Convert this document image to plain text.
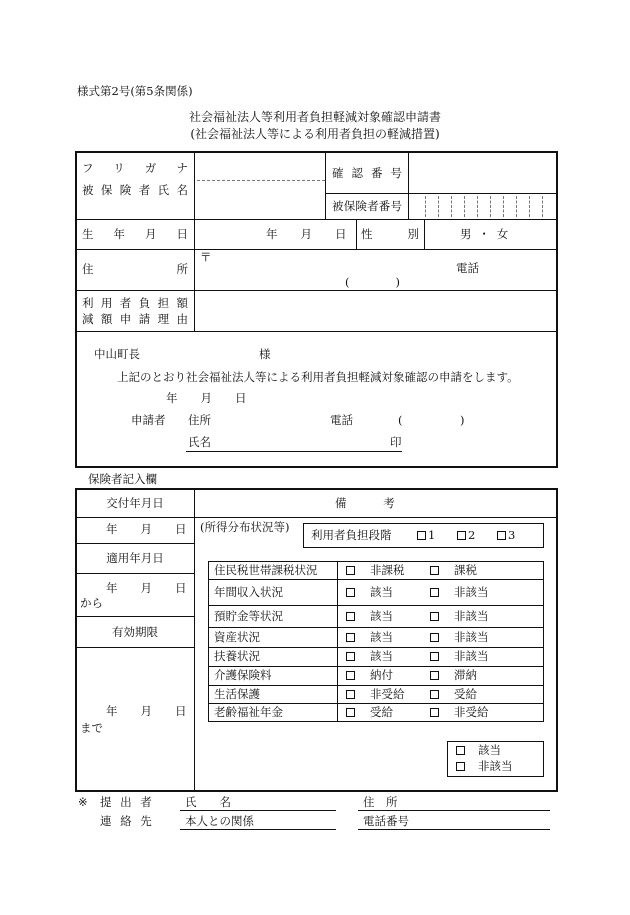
様式第2号(第5条関係)
社会福祉法人等利用者負担軽減対象確認申請書
(社会福祉法人等による利用者負担の軽減措置)
フリガナ
被保険者氏名
確認番号
被保険者番号
生年月日	年　　月　　日 性別	男・女
住所
〒
電話
(　　　　)
利用者負担額
減額申請理由
中山町長	様
上記のとおり社会福祉法人等による利用者負担軽減対象確認の申請をします。
年　　月　　日
申請者 住所	電話	(　　　　　)
氏名	印
保険者記入欄
交付年月日
年　　月　　日
適用年月日
年　　月　　日
から
有効期限
年　　月　　日
まで
備考
(所得分布状況等)
利用者負担段階	1	2	3
住民税世帯課税状況	非課税	課税
年間収入状況	該当	非該当
預貯金等状況	該当	非該当
資産状況	該当	非該当
扶養状況	該当	非該当
介護保険料	納付	滞納
生活保護	非受給	受給
老齢福祉年金	受給	非受給
該当
非該当
※ 提出者 氏　　名	住　所
連絡先 本人との関係	電話番号
